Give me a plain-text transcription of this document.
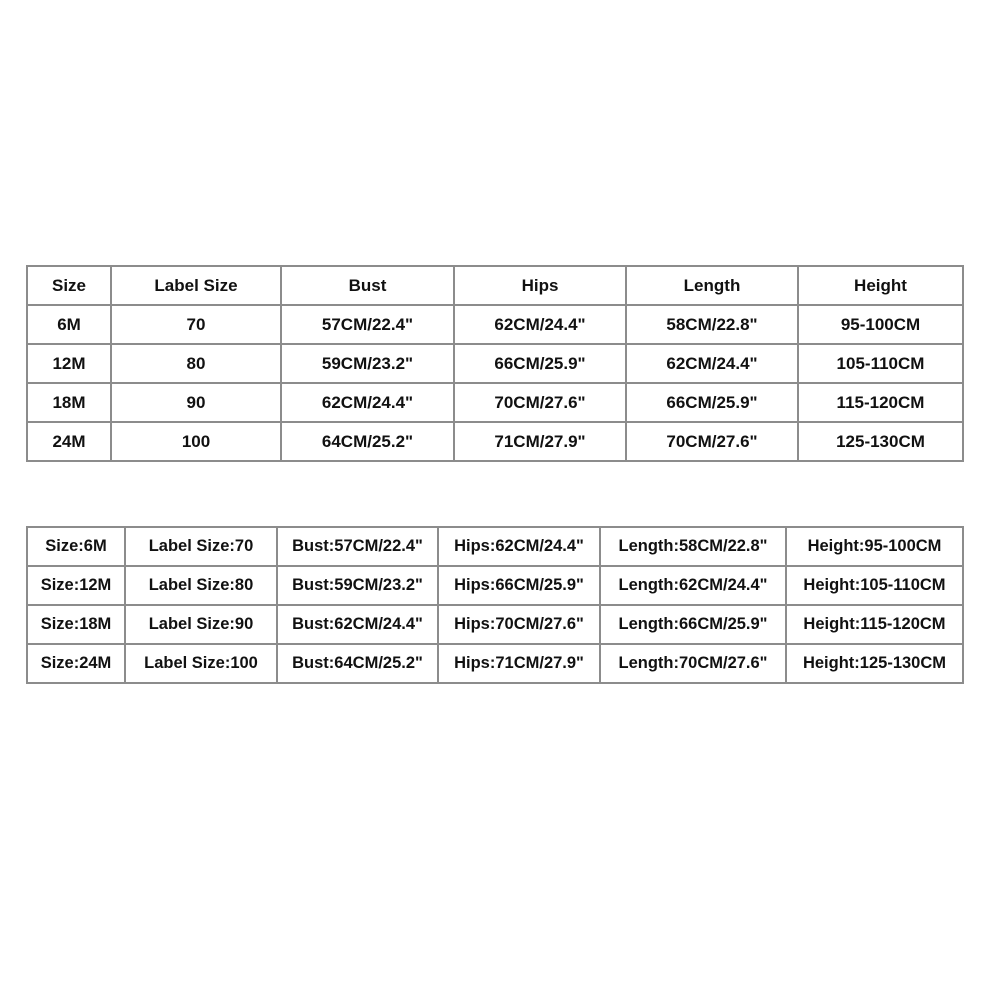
Size	Label Size	Bust	Hips	Length	Height
6M	70	57CM/22.4"	62CM/24.4"	58CM/22.8"	95-100CM
12M	80	59CM/23.2"	66CM/25.9"	62CM/24.4"	105-110CM
18M	90	62CM/24.4"	70CM/27.6"	66CM/25.9"	115-120CM
24M	100	64CM/25.2"	71CM/27.9"	70CM/27.6"	125-130CM
Size:6M	Label Size:70	Bust:57CM/22.4"	Hips:62CM/24.4"	Length:58CM/22.8"	Height:95-100CM
Size:12M	Label Size:80	Bust:59CM/23.2"	Hips:66CM/25.9"	Length:62CM/24.4"	Height:105-110CM
Size:18M	Label Size:90	Bust:62CM/24.4"	Hips:70CM/27.6"	Length:66CM/25.9"	Height:115-120CM
Size:24M	Label Size:100	Bust:64CM/25.2"	Hips:71CM/27.9"	Length:70CM/27.6"	Height:125-130CM
